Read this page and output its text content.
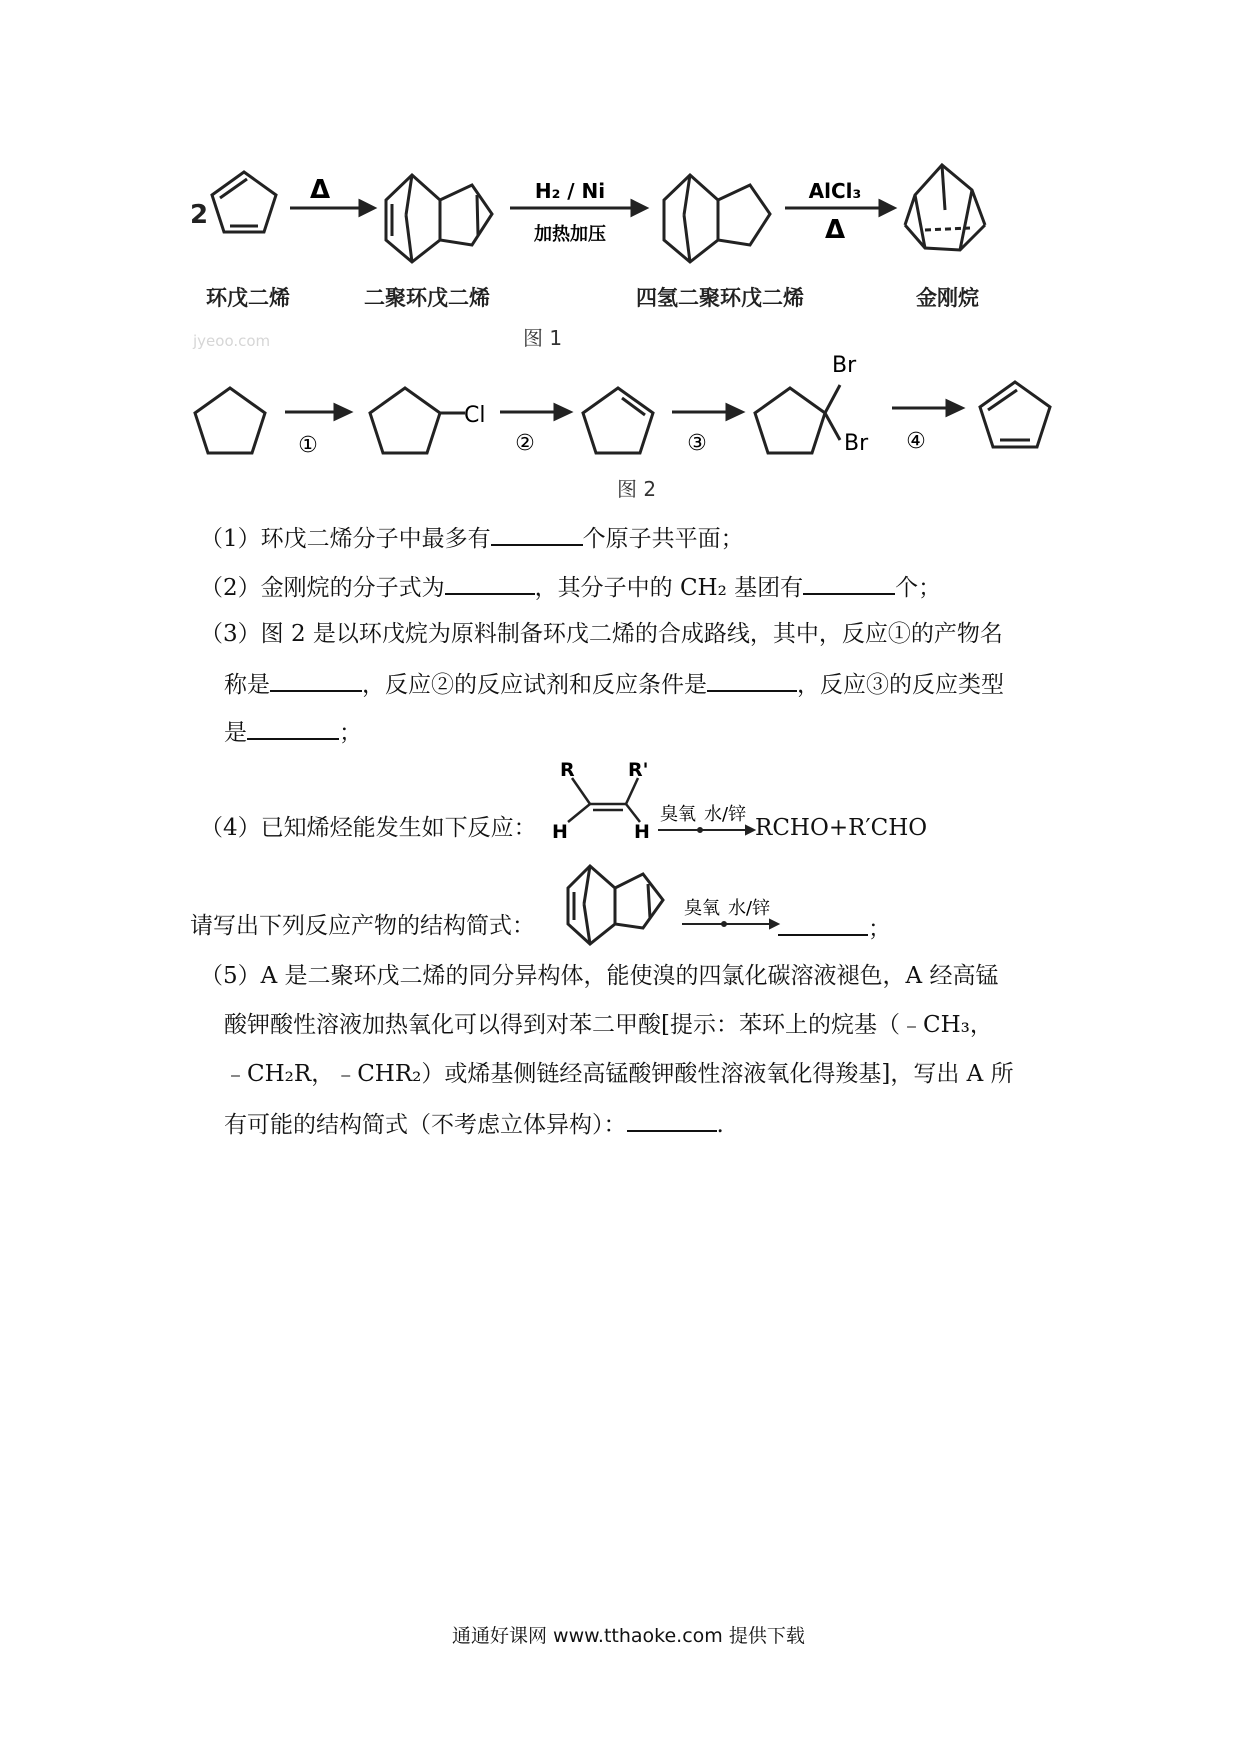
2
Δ	H₂ / Ni
加热加压
AlCl₃
Δ
环戊二烯	二聚环戊二烯	四氢二聚环戊二烯	金刚烷
jyeoo.com	图 1
Cl
Br
Br
①	②	③	④
图 2
（1）环戊二烯分子中最多有	个原子共平面；
（2）金刚烷的分子式为	，其分子中的 CH₂ 基团有	个；
（3）图 2 是以环戊烷为原料制备环戊二烯的合成路线，其中，反应①的产物名
称是	，反应②的反应试剂和反应条件是	，反应③的反应类型
是	；
（4）已知烯烃能发生如下反应：
R	R'
H	H
臭氧 水/锌
RCHO+R′CHO
请写出下列反应产物的结构简式：
臭氧 水/锌
；
（5）A 是二聚环戊二烯的同分异构体，能使溴的四氯化碳溶液褪色，A 经高锰
酸钾酸性溶液加热氧化可以得到对苯二甲酸[提示：苯环上的烷基（﹣CH₃，
﹣CH₂R，﹣CHR₂）或烯基侧链经高锰酸钾酸性溶液氧化得羧基]，写出 A 所
有可能的结构简式（不考虑立体异构）：	.
通通好课网 www.tthaoke.com 提供下载
